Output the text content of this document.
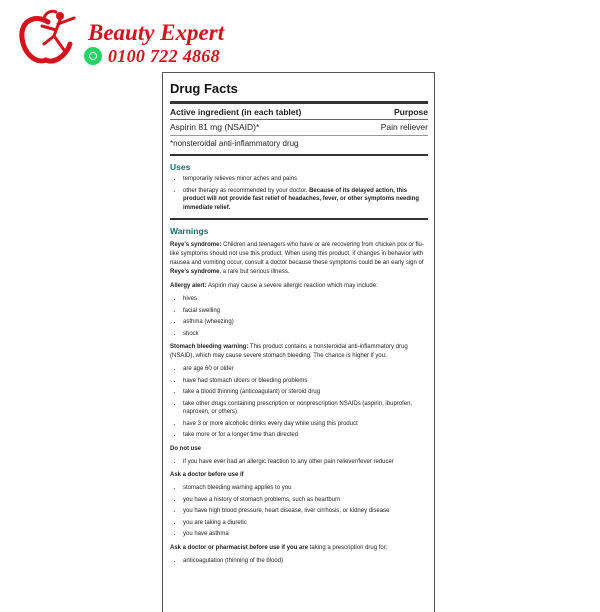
Beauty Expert
0100 722 4868
Drug Facts
Active ingredient (in each tablet)	Purpose
Aspirin 81 mg (NSAID)*	Pain reliever
*nonsteroidal anti-inflammatory drug
Uses
• temporarily relieves minor aches and pains
• other therapy as recommended by your doctor. Because of its delayed action, this product will not provide fast relief of headaches, fever, or other symptoms needing immediate relief.
Warnings
Reye's syndrome: Children and teenagers who have or are recovering from chicken pox or flu-like symptoms should not use this product. When using this product, if changes in behavior with nausea and vomiting occur, consult a doctor because these symptoms could be an early sign of Reye's syndrome, a rare but serious illness.
Allergy alert: Aspirin may cause a severe allergic reaction which may include:
• hives
• facial swelling
• asthma (wheezing)
• shock
Stomach bleeding warning: This product contains a nonsteroidal anti-inflammatory drug (NSAID), which may cause severe stomach bleeding. The chance is higher if you:
• are age 60 or older
• have had stomach ulcers or bleeding problems
• take a blood thinning (anticoagulant) or steroid drug
• take other drugs containing prescription or nonprescription NSAIDs (aspirin, ibuprofen, naproxen, or others)
• have 3 or more alcoholic drinks every day while using this product
• take more or for a longer time than directed
Do not use
• if you have ever had an allergic reaction to any other pain reliever/fever reducer
Ask a doctor before use if
• stomach bleeding warning applies to you
• you have a history of stomach problems, such as heartburn
• you have high blood pressure, heart disease, liver cirrhosis, or kidney disease
• you are taking a diuretic
• you have asthma
Ask a doctor or pharmacist before use if you are taking a prescription drug for:
• anticoagulation (thinning of the blood)
